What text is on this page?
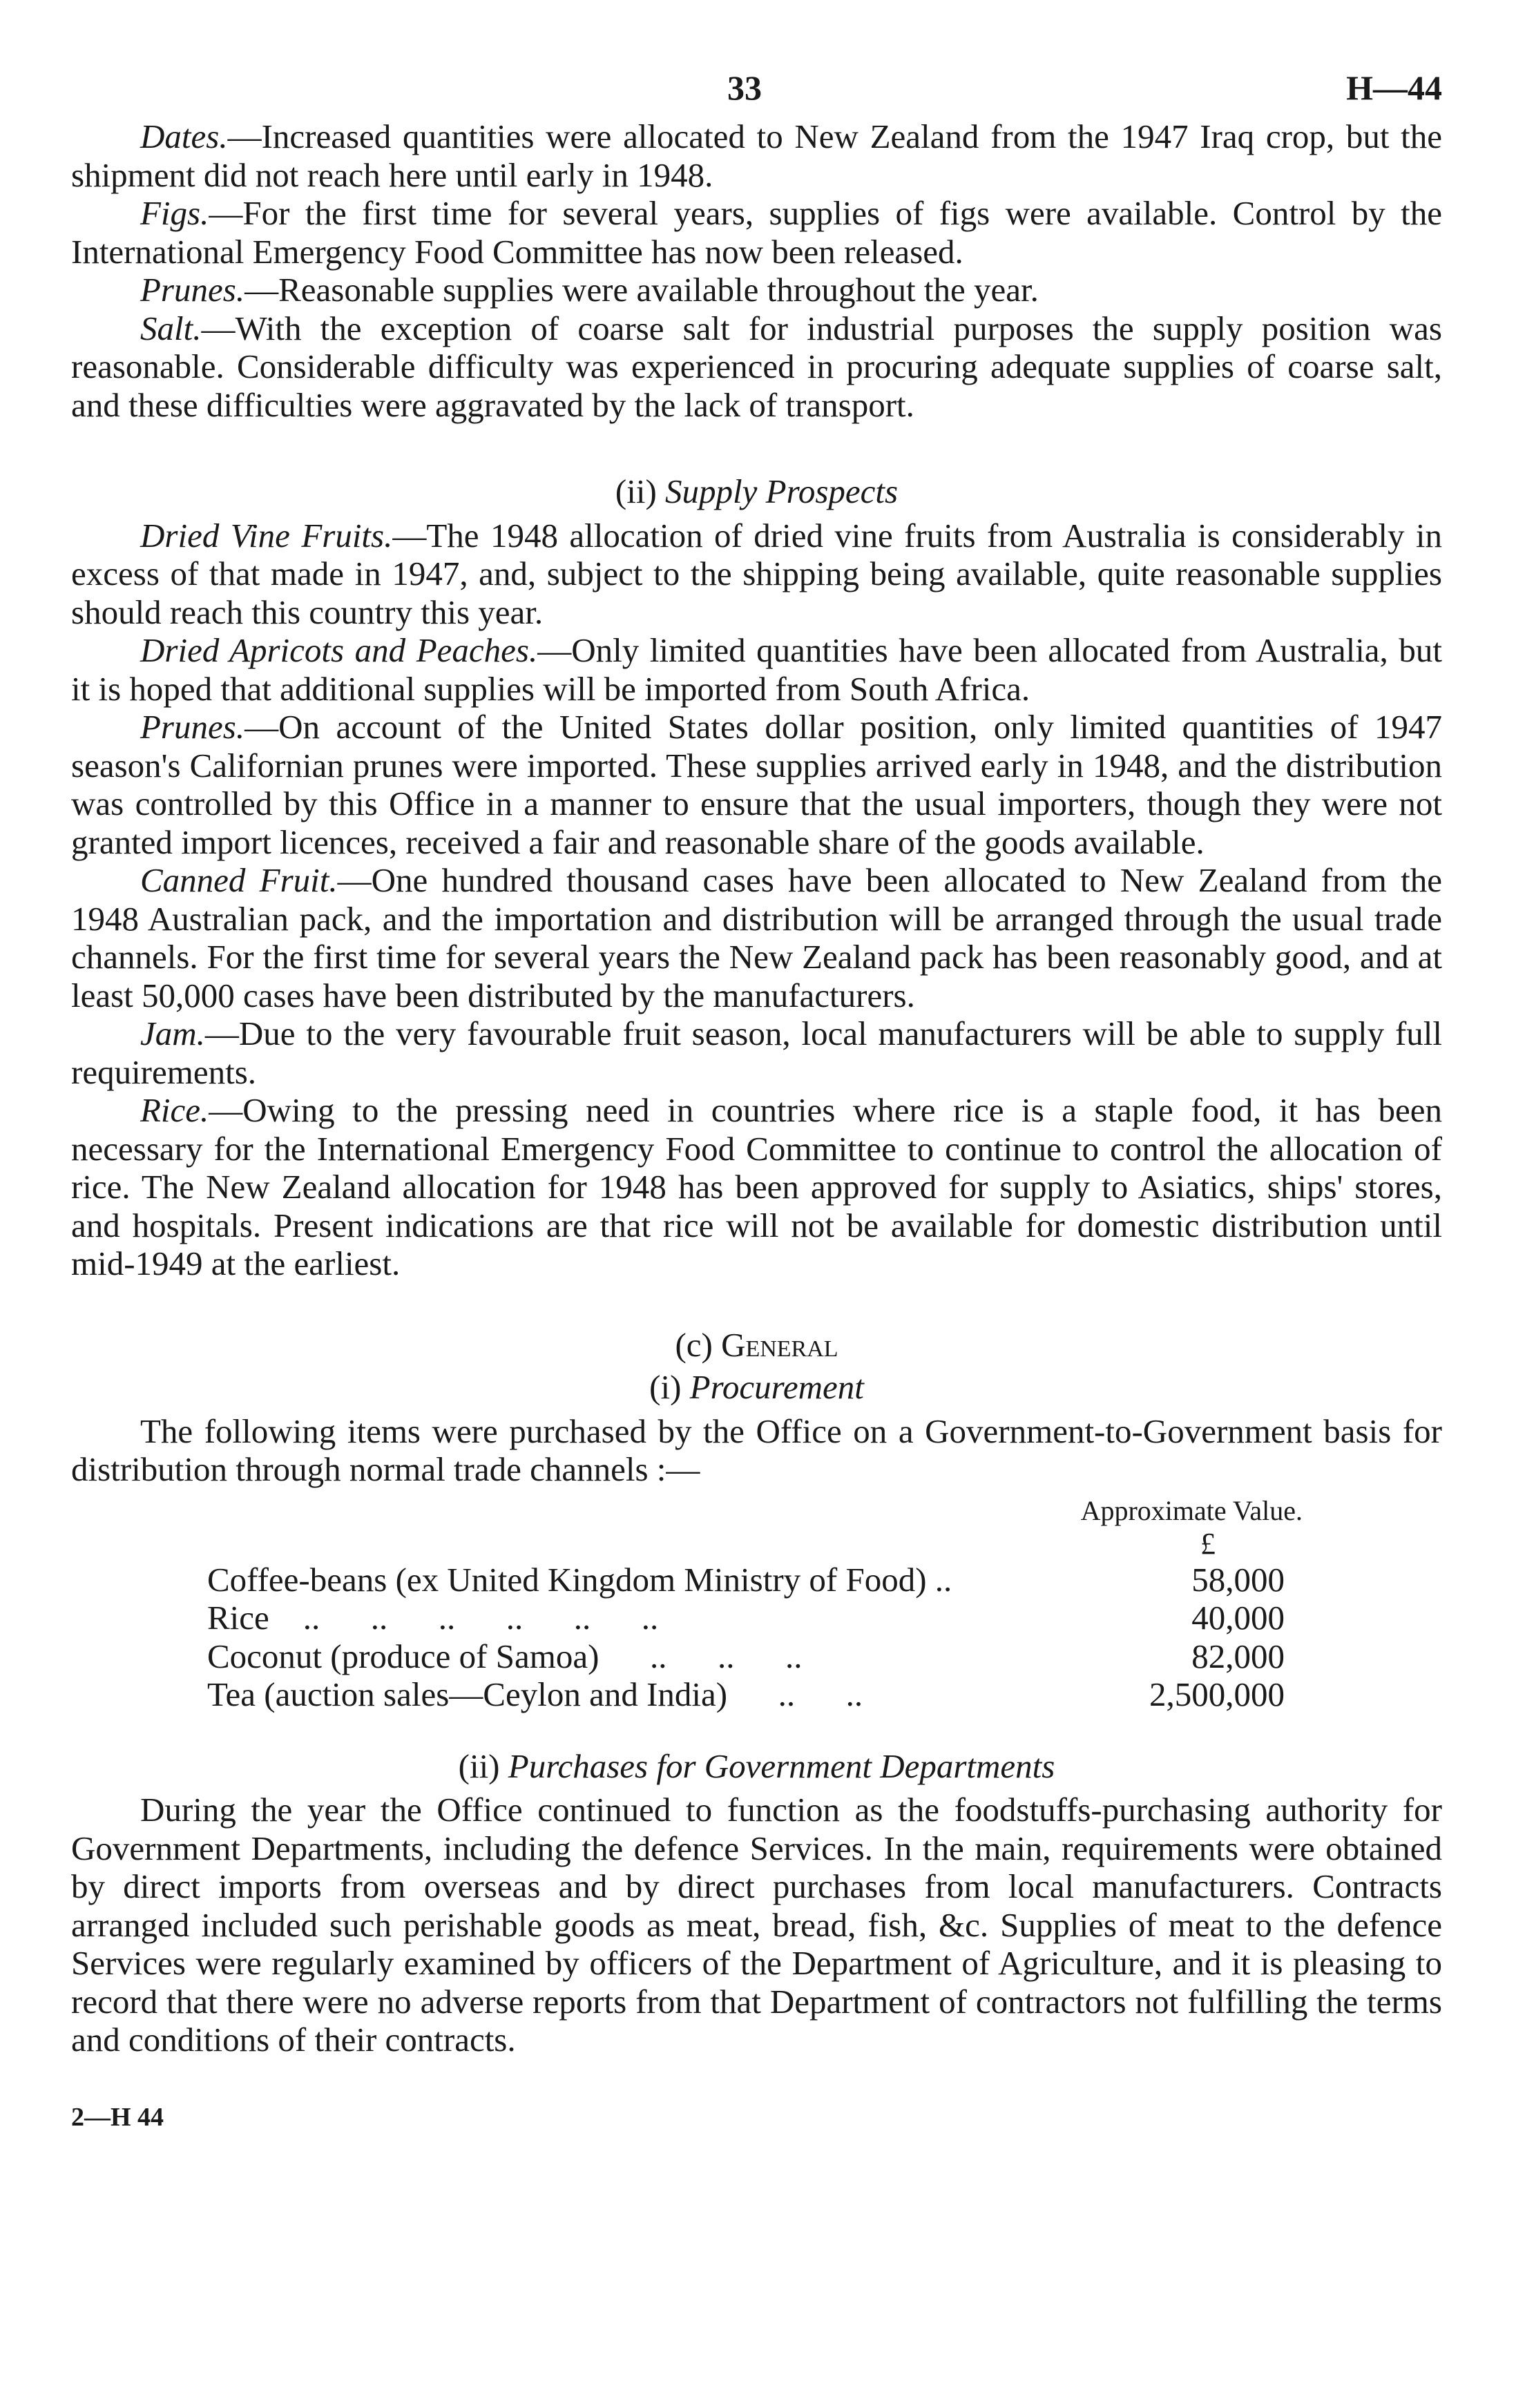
33	H—44

Dates.—Increased quantities were allocated to New Zealand from the 1947 Iraq crop, but the shipment did not reach here until early in 1948.

Figs.—For the first time for several years, supplies of figs were available. Control by the International Emergency Food Committee has now been released.

Prunes.—Reasonable supplies were available throughout the year.

Salt.—With the exception of coarse salt for industrial purposes the supply position was reasonable. Considerable difficulty was experienced in procuring adequate supplies of coarse salt, and these difficulties were aggravated by the lack of transport.

(ii) Supply Prospects

Dried Vine Fruits.—The 1948 allocation of dried vine fruits from Australia is considerably in excess of that made in 1947, and, subject to the shipping being available, quite reasonable supplies should reach this country this year.

Dried Apricots and Peaches.—Only limited quantities have been allocated from Australia, but it is hoped that additional supplies will be imported from South Africa.

Prunes.—On account of the United States dollar position, only limited quantities of 1947 season's Californian prunes were imported. These supplies arrived early in 1948, and the distribution was controlled by this Office in a manner to ensure that the usual importers, though they were not granted import licences, received a fair and reasonable share of the goods available.

Canned Fruit.—One hundred thousand cases have been allocated to New Zealand from the 1948 Australian pack, and the importation and distribution will be arranged through the usual trade channels. For the first time for several years the New Zealand pack has been reasonably good, and at least 50,000 cases have been distributed by the manufacturers.

Jam.—Due to the very favourable fruit season, local manufacturers will be able to supply full requirements.

Rice.—Owing to the pressing need in countries where rice is a staple food, it has been necessary for the International Emergency Food Committee to continue to control the allocation of rice. The New Zealand allocation for 1948 has been approved for supply to Asiatics, ships' stores, and hospitals. Present indications are that rice will not be available for domestic distribution until mid-1949 at the earliest.

(c) General
(i) Procurement

The following items were purchased by the Office on a Government-to-Government basis for distribution through normal trade channels :—

Approximate Value.
£
Coffee-beans (ex United Kingdom Ministry of Food) ..	58,000
Rice    ..      ..      ..      ..      ..      ..	40,000
Coconut (produce of Samoa)      ..      ..      ..	82,000
Tea (auction sales—Ceylon and India)      ..      ..	2,500,000
(ii) Purchases for Government Departments

During the year the Office continued to function as the foodstuffs-purchasing authority for Government Departments, including the defence Services. In the main, requirements were obtained by direct imports from overseas and by direct purchases from local manufacturers. Contracts arranged included such perishable goods as meat, bread, fish, &c. Supplies of meat to the defence Services were regularly examined by officers of the Department of Agriculture, and it is pleasing to record that there were no adverse reports from that Department of contractors not fulfilling the terms and conditions of their contracts.

2—H 44
